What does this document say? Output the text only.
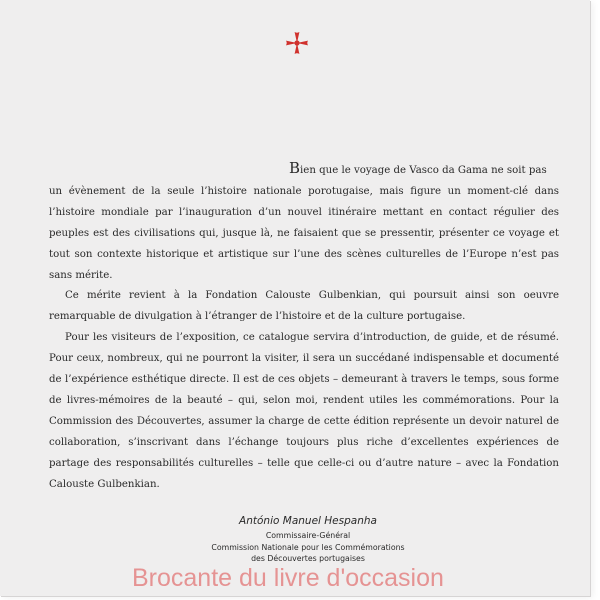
Bien que le voyage de Vasco da Gama ne soit pas

un évènement de la seule l’histoire nationale porotugaise, mais figure un moment-clé dans l’histoire mondiale par l’inauguration d’un nouvel itinéraire mettant en contact régulier des peuples est des civilisations qui, jusque là, ne faisaient que se pressentir, présenter ce voyage et tout son contexte historique et artistique sur l’une des scènes culturelles de l’Europe n’est pas sans mérite.

Ce mérite revient à la Fondation Calouste Gulbenkian, qui poursuit ainsi son oeuvre remarquable de divulgation à l’étranger de l’histoire et de la culture portugaise.

Pour les visiteurs de l’exposition, ce catalogue servira d’introduction, de guide, et de résumé. Pour ceux, nombreux, qui ne pourront la visiter, il sera un succédané indispensable et documenté de l’expérience esthétique directe. Il est de ces objets – demeurant à travers le temps, sous forme de livres-mémoires de la beauté – qui, selon moi, rendent utiles les commémorations. Pour la Commission des Découvertes, assumer la charge de cette édition représente un devoir naturel de collaboration, s’inscrivant dans l’échange toujours plus riche d’excellentes expériences de partage des responsabilités culturelles – telle que celle-ci ou d’autre nature – avec la Fondation Calouste Gulbenkian.

António Manuel Hespanha
Commissaire-Général
Commission Nationale pour les Commémorations
des Découvertes portugaises
Brocante du livre d'occasion
